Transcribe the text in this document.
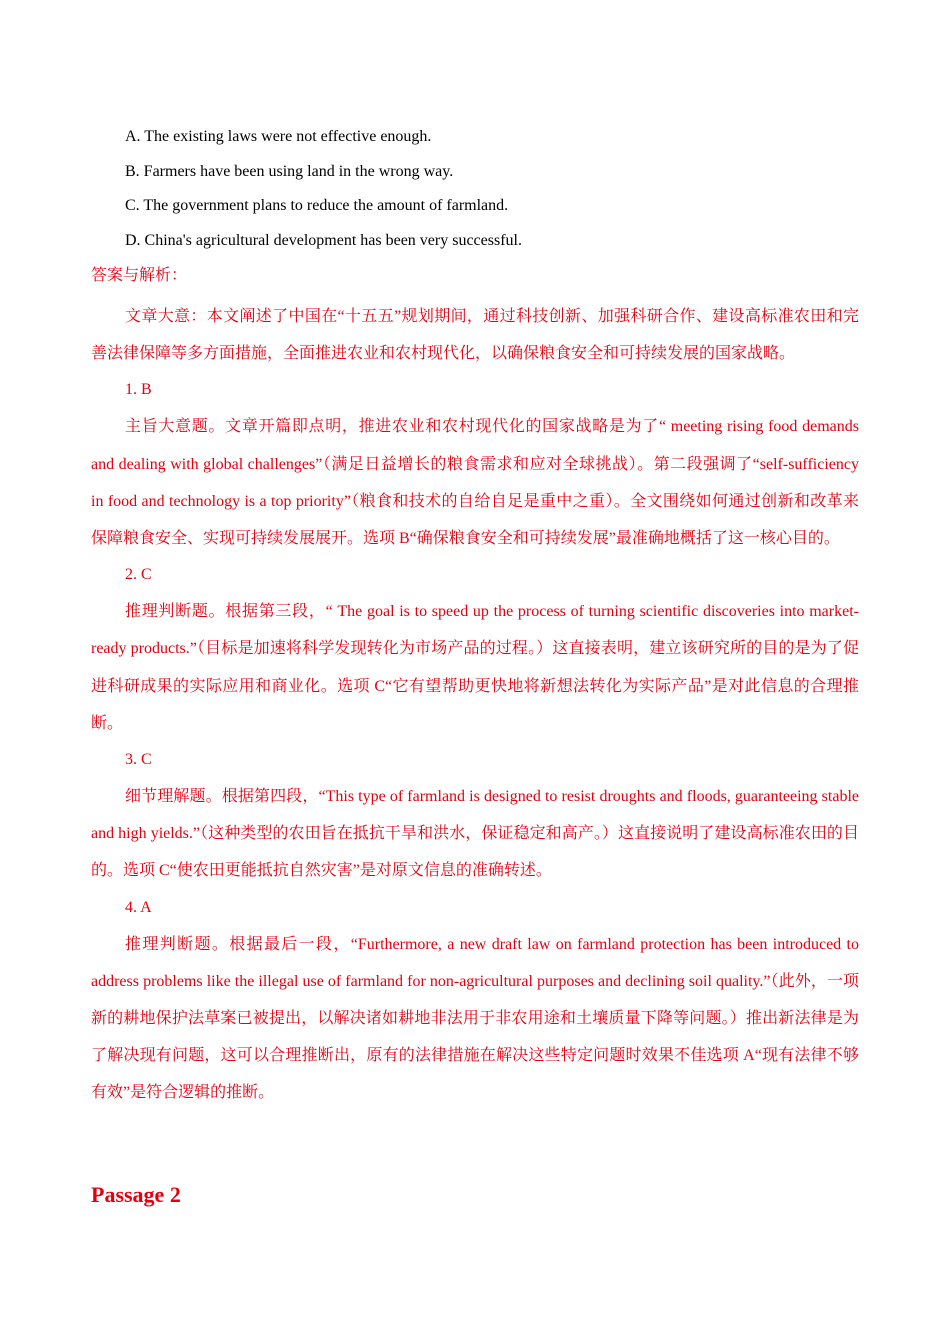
A. The existing laws were not effective enough.
B. Farmers have been using land in the wrong way.
C. The government plans to reduce the amount of farmland.
D. China's agricultural development has been very successful.
答案与解析：

文章大意：本文阐述了中国在“十五五”规划期间，通过科技创新、加强科研合作、建设高标准农田和完善法律保障等多方面措施，全面推进农业和农村现代化，以确保粮食安全和可持续发展的国家战略。

1. B

主旨大意题。文章开篇即点明，推进农业和农村现代化的国家战略是为了“ meeting rising food demands and dealing with global challenges”（满足日益增长的粮食需求和应对全球挑战）。第二段强调了“self-sufficiency in food and technology is a top priority”（粮食和技术的自给自足是重中之重）。全文围绕如何通过创新和改革来保障粮食安全、实现可持续发展展开。选项 B“确保粮食安全和可持续发展”最准确地概括了这一核心目的。

2. C

推理判断题。根据第三段，“ The goal is to speed up the process of turning scientific discoveries into market-ready products.”（目标是加速将科学发现转化为市场产品的过程。）这直接表明，建立该研究所的目的是为了促进科研成果的实际应用和商业化。选项 C“它有望帮助更快地将新想法转化为实际产品”是对此信息的合理推断。

3. C

细节理解题。根据第四段，“This type of farmland is designed to resist droughts and floods, guaranteeing stable and high yields.”（这种类型的农田旨在抵抗干旱和洪水，保证稳定和高产。）这直接说明了建设高标准农田的目的。选项 C“使农田更能抵抗自然灾害”是对原文信息的准确转述。

4. A

推理判断题。根据最后一段，“Furthermore, a new draft law on farmland protection has been introduced to address problems like the illegal use of farmland for non-agricultural purposes and declining soil quality.”（此外，一项新的耕地保护法草案已被提出，以解决诸如耕地非法用于非农用途和土壤质量下降等问题。）推出新法律是为了解决现有问题，这可以合理推断出，原有的法律措施在解决这些特定问题时效果不佳选项 A“现有法律不够有效”是符合逻辑的推断。

Passage 2
